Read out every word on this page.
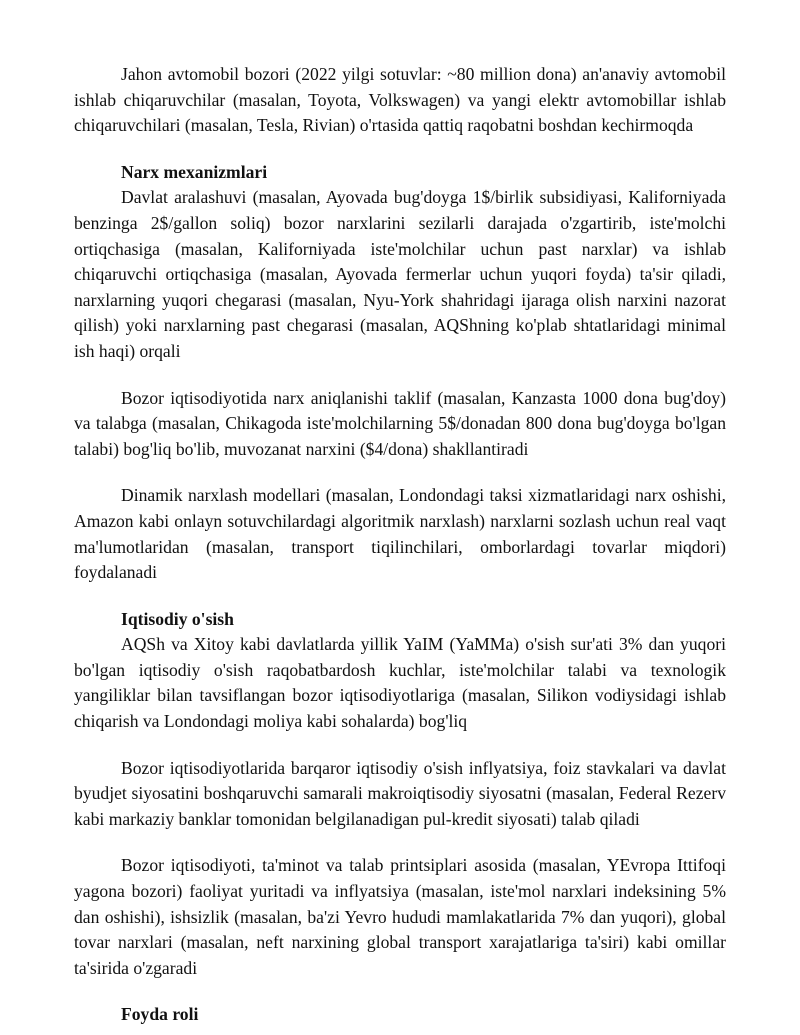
Jahon avtomobil bozori (2022 yilgi sotuvlar: ~80 million dona) an'anaviy avtomobil ishlab chiqaruvchilar (masalan, Toyota, Volkswagen) va yangi elektr avtomobillar ishlab chiqaruvchilari (masalan, Tesla, Rivian) o'rtasida qattiq raqobatni boshdan kechirmoqda

Narx mexanizmlari

Davlat aralashuvi (masalan, Ayovada bug'doyga 1$/birlik subsidiyasi, Kaliforniyada benzinga 2$/gallon soliq) bozor narxlarini sezilarli darajada o'zgartirib, iste'molchi ortiqchasiga (masalan, Kaliforniyada iste'molchilar uchun past narxlar) va ishlab chiqaruvchi ortiqchasiga (masalan, Ayovada fermerlar uchun yuqori foyda) ta'sir qiladi, narxlarning yuqori chegarasi (masalan, Nyu-York shahridagi ijaraga olish narxini nazorat qilish) yoki narxlarning past chegarasi (masalan, AQShning ko'plab shtatlaridagi minimal ish haqi) orqali

Bozor iqtisodiyotida narx aniqlanishi taklif (masalan, Kanzasta 1000 dona bug'doy) va talabga (masalan, Chikagoda iste'molchilarning 5$/donadan 800 dona bug'doyga bo'lgan talabi) bog'liq bo'lib, muvozanat narxini ($4/dona) shakllantiradi

Dinamik narxlash modellari (masalan, Londondagi taksi xizmatlaridagi narx oshishi, Amazon kabi onlayn sotuvchilardagi algoritmik narxlash) narxlarni sozlash uchun real vaqt ma'lumotlaridan (masalan, transport tiqilinchilari, omborlardagi tovarlar miqdori) foydalanadi

Iqtisodiy o'sish

AQSh va Xitoy kabi davlatlarda yillik YaIM (YaMMa) o'sish sur'ati 3% dan yuqori bo'lgan iqtisodiy o'sish raqobatbardosh kuchlar, iste'molchilar talabi va texnologik yangiliklar bilan tavsiflangan bozor iqtisodiyotlariga (masalan, Silikon vodiysidagi ishlab chiqarish va Londondagi moliya kabi sohalarda) bog'liq

Bozor iqtisodiyotlarida barqaror iqtisodiy o'sish inflyatsiya, foiz stavkalari va davlat byudjet siyosatini boshqaruvchi samarali makroiqtisodiy siyosatni (masalan, Federal Rezerv kabi markaziy banklar tomonidan belgilanadigan pul-kredit siyosati) talab qiladi

Bozor iqtisodiyoti, ta'minot va talab printsiplari asosida (masalan, YEvropa Ittifoqi yagona bozori) faoliyat yuritadi va inflyatsiya (masalan, iste'mol narxlari indeksining 5% dan oshishi), ishsizlik (masalan, ba'zi Yevro hududi mamlakatlarida 7% dan yuqori), global tovar narxlari (masalan, neft narxining global transport xarajatlariga ta'siri) kabi omillar ta'sirida o'zgaradi

Foyda roli
